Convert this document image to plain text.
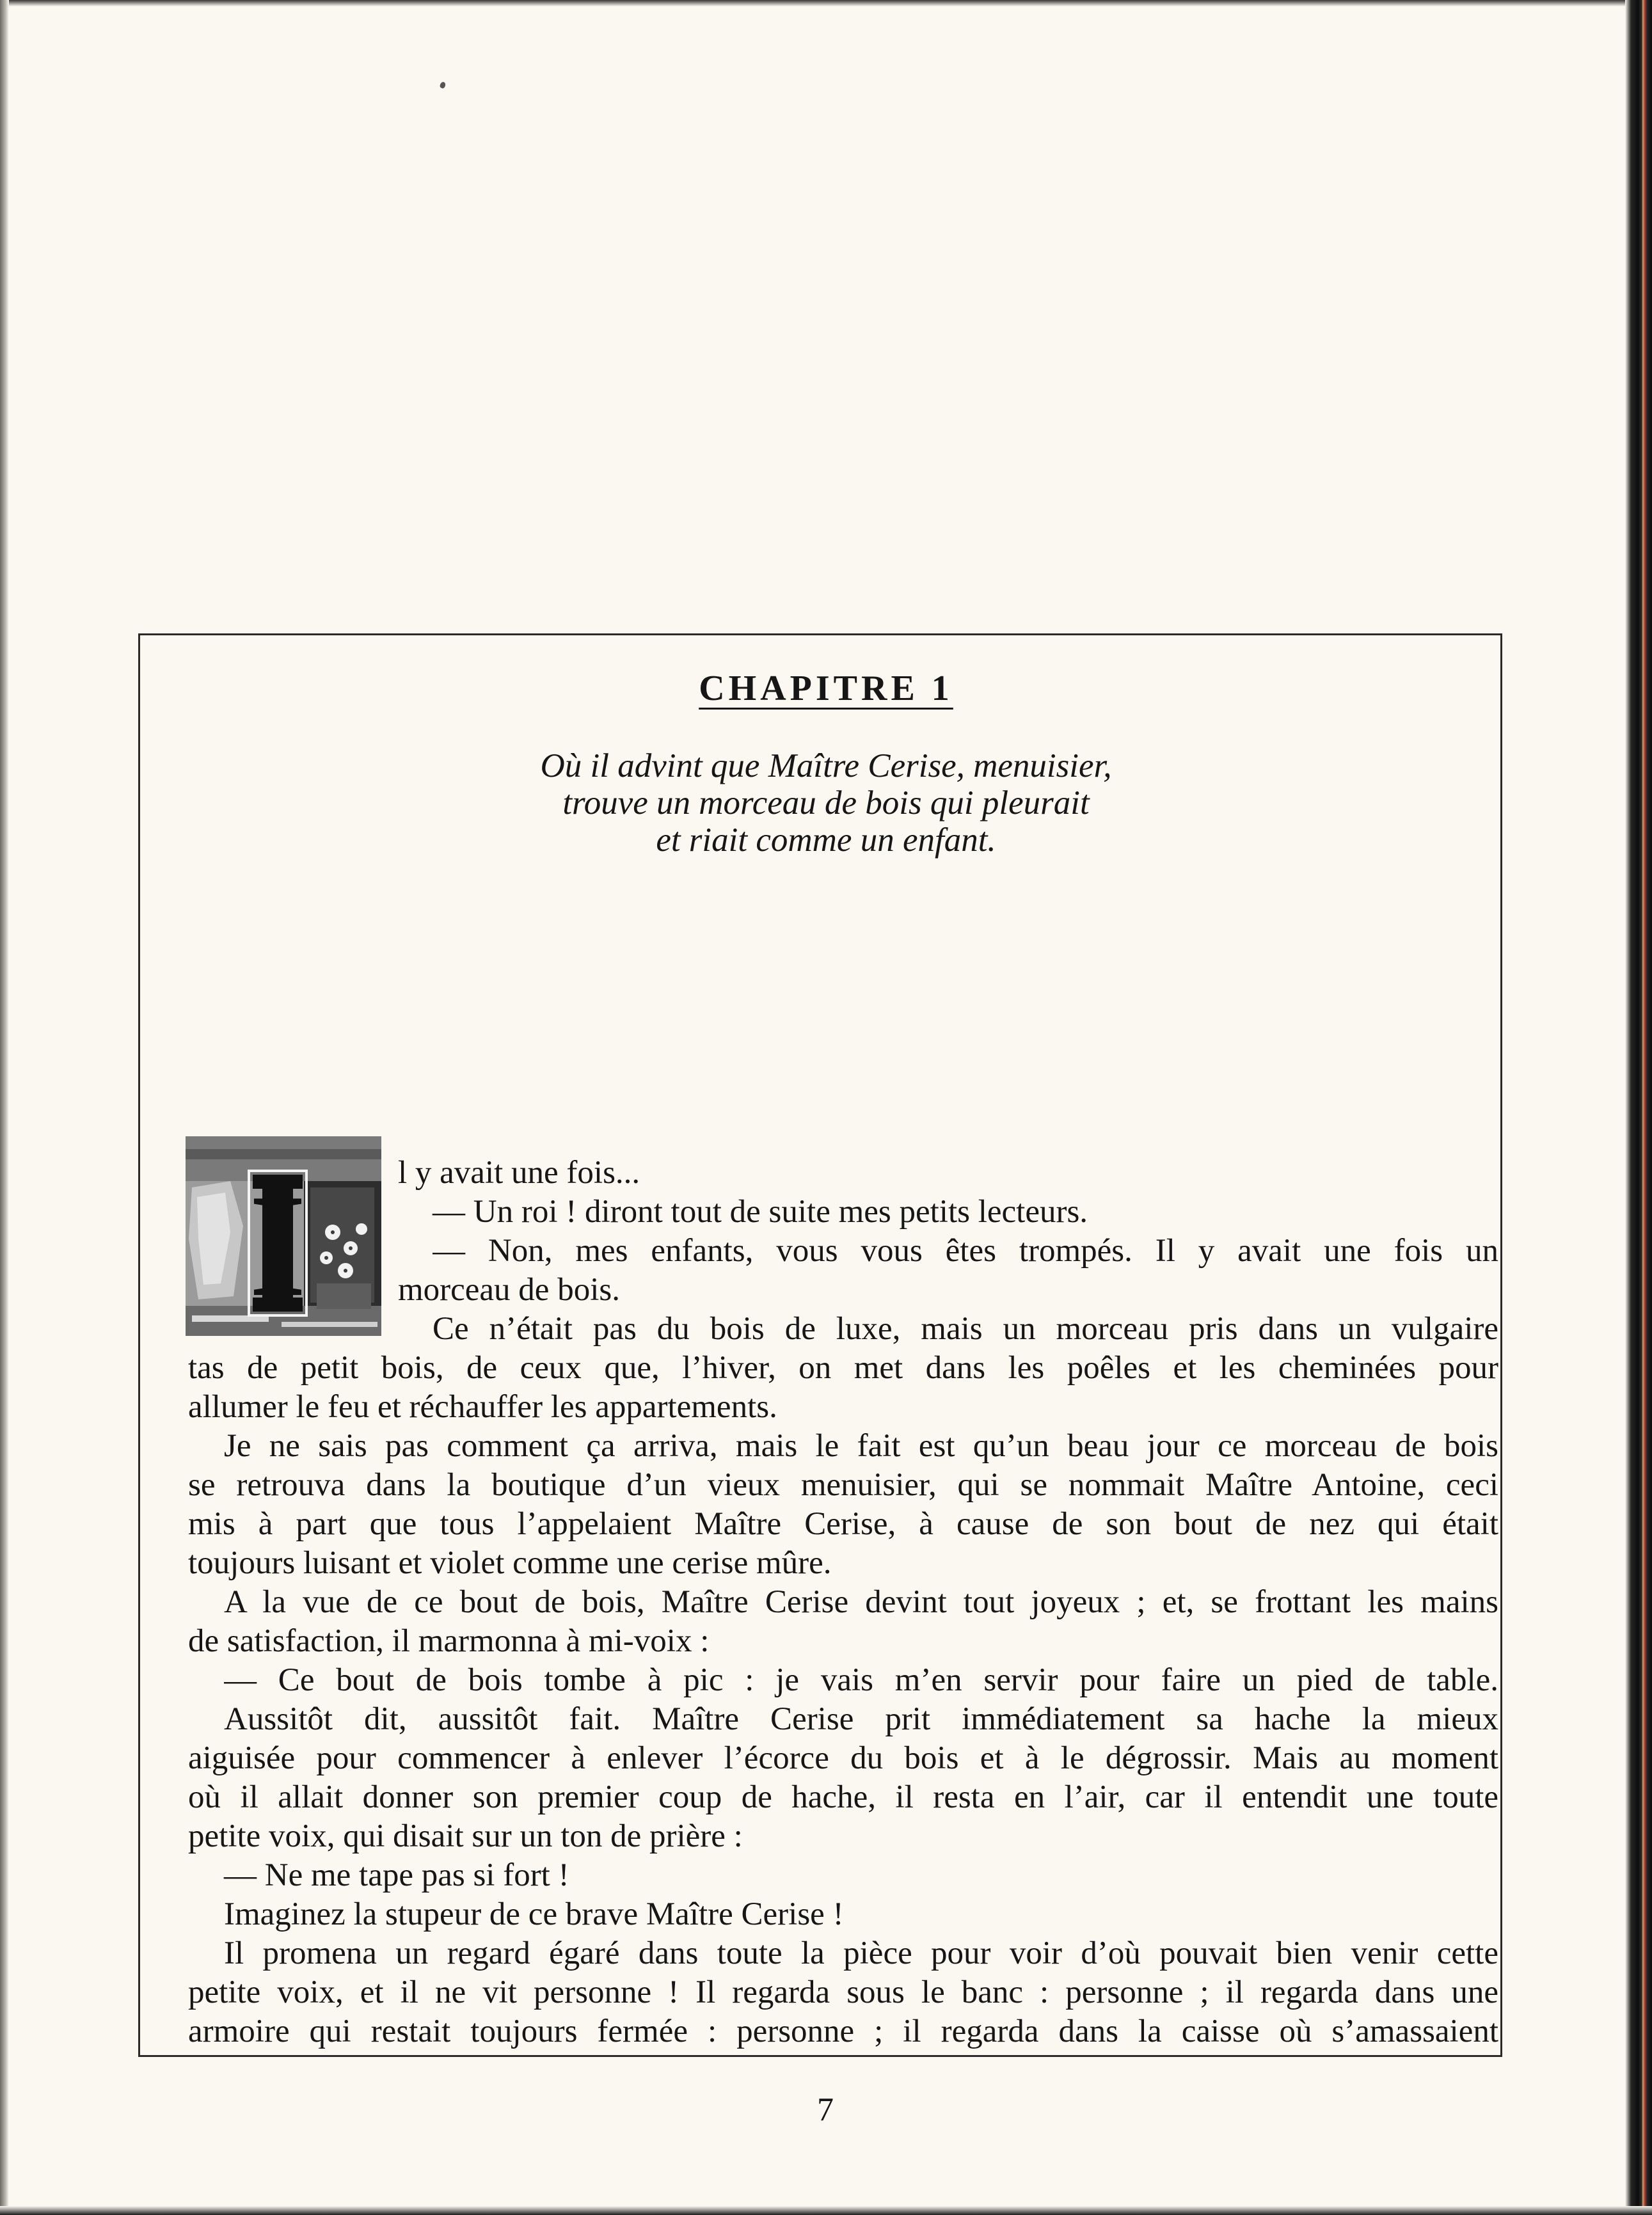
CHAPITRE 1
Où il advint que Maître Cerise, menuisier,
trouve un morceau de bois qui pleurait
et riait comme un enfant.
I	l y avait une fois...
— Un roi ! diront tout de suite mes petits lecteurs.
— Non, mes enfants, vous vous êtes trompés. Il y avait une fois un
morceau de bois.
Ce n’était pas du bois de luxe, mais un morceau pris dans un vulgaire
tas de petit bois, de ceux que, l’hiver, on met dans les poêles et les cheminées pour
allumer le feu et réchauffer les appartements.
Je ne sais pas comment ça arriva, mais le fait est qu’un beau jour ce morceau de bois
se retrouva dans la boutique d’un vieux menuisier, qui se nommait Maître Antoine, ceci
mis à part que tous l’appelaient Maître Cerise, à cause de son bout de nez qui était
toujours luisant et violet comme une cerise mûre.
A la vue de ce bout de bois, Maître Cerise devint tout joyeux ; et, se frottant les mains
de satisfaction, il marmonna à mi-voix :
— Ce bout de bois tombe à pic : je vais m’en servir pour faire un pied de table.
Aussitôt dit, aussitôt fait. Maître Cerise prit immédiatement sa hache la mieux
aiguisée pour commencer à enlever l’écorce du bois et à le dégrossir. Mais au moment
où il allait donner son premier coup de hache, il resta en l’air, car il entendit une toute
petite voix, qui disait sur un ton de prière :
— Ne me tape pas si fort !
Imaginez la stupeur de ce brave Maître Cerise !
Il promena un regard égaré dans toute la pièce pour voir d’où pouvait bien venir cette
petite voix, et il ne vit personne ! Il regarda sous le banc : personne ; il regarda dans une
armoire qui restait toujours fermée : personne ; il regarda dans la caisse où s’amassaient
7
